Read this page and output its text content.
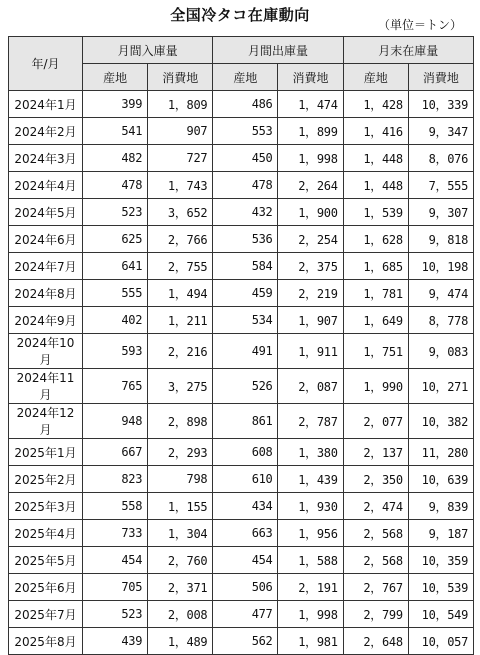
全国冷タコ在庫動向
（単位＝トン）
年/月	月間入庫量		月間出庫量		月末在庫量	
	産地	消費地	産地	消費地	産地	消費地
2024年1月	399	1，809	486	1，474	1，428	10，339
2024年2月	541	907	553	1，899	1，416	9，347
2024年3月	482	727	450	1，998	1，448	8，076
2024年4月	478	1，743	478	2，264	1，448	7，555
2024年5月	523	3，652	432	1，900	1，539	9，307
2024年6月	625	2，766	536	2，254	1，628	9，818
2024年7月	641	2，755	584	2，375	1，685	10，198
2024年8月	555	1，494	459	2，219	1，781	9，474
2024年9月	402	1，211	534	1，907	1，649	8，778
2024年10月	593	2，216	491	1，911	1，751	9，083
2024年11月	765	3，275	526	2，087	1，990	10，271
2024年12月	948	2，898	861	2，787	2，077	10，382
2025年1月	667	2，293	608	1，380	2，137	11，280
2025年2月	823	798	610	1，439	2，350	10，639
2025年3月	558	1，155	434	1，930	2，474	9，839
2025年4月	733	1，304	663	1，956	2，568	9，187
2025年5月	454	2，760	454	1，588	2，568	10，359
2025年6月	705	2，371	506	2，191	2，767	10，539
2025年7月	523	2，008	477	1，998	2，799	10，549
2025年8月	439	1，489	562	1，981	2，648	10，057
